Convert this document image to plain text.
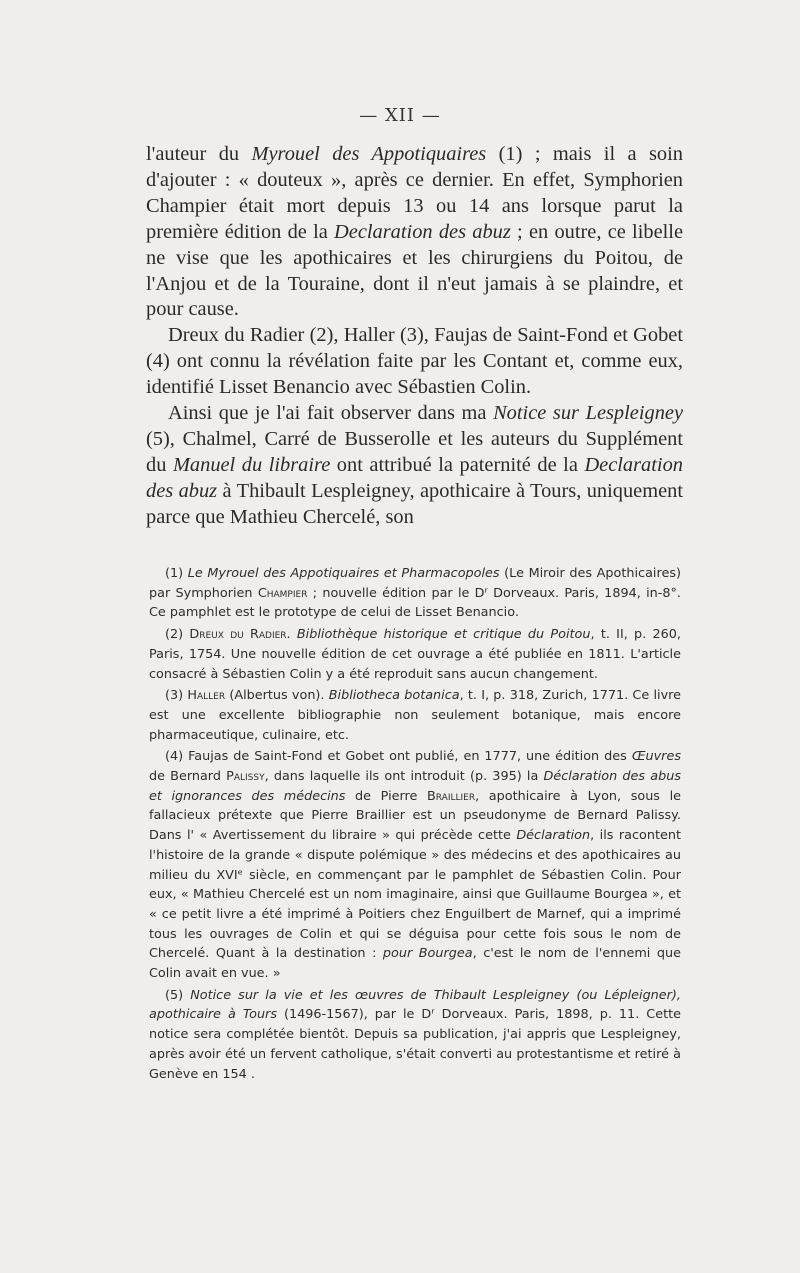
— XII —

l'auteur du Myrouel des Appotiquaires (1) ; mais il a soin d'ajouter : « douteux », après ce dernier. En effet, Symphorien Champier était mort depuis 13 ou 14 ans lorsque parut la première édition de la Declaration des abuz ; en outre, ce libelle ne vise que les apothicaires et les chirurgiens du Poitou, de l'Anjou et de la Touraine, dont il n'eut jamais à se plaindre, et pour cause.

Dreux du Radier (2), Haller (3), Faujas de Saint-Fond et Gobet (4) ont connu la révélation faite par les Contant et, comme eux, identifié Lisset Benancio avec Sébastien Colin.

Ainsi que je l'ai fait observer dans ma Notice sur Lespleigney (5), Chalmel, Carré de Busserolle et les auteurs du Supplément du Manuel du libraire ont attribué la paternité de la Declaration des abuz à Thibault Lespleigney, apothicaire à Tours, uniquement parce que Mathieu Chercelé, son

(1) Le Myrouel des Appotiquaires et Pharmacopoles (Le Miroir des Apothicaires) par Symphorien Champier ; nouvelle édition par le Dʳ Dorveaux. Paris, 1894, in-8°. Ce pamphlet est le prototype de celui de Lisset Benancio.

(2) Dreux du Radier. Bibliothèque historique et critique du Poitou, t. II, p. 260, Paris, 1754. Une nouvelle édition de cet ouvrage a été publiée en 1811. L'article consacré à Sébastien Colin y a été reproduit sans aucun changement.

(3) Haller (Albertus von). Bibliotheca botanica, t. I, p. 318, Zurich, 1771. Ce livre est une excellente bibliographie non seulement botanique, mais encore pharmaceutique, culinaire, etc.

(4) Faujas de Saint-Fond et Gobet ont publié, en 1777, une édition des Œuvres de Bernard Palissy, dans laquelle ils ont introduit (p. 395) la Déclaration des abus et ignorances des médecins de Pierre Braillier, apothicaire à Lyon, sous le fallacieux prétexte que Pierre Braillier est un pseudonyme de Bernard Palissy. Dans l' « Avertissement du libraire » qui précède cette Déclaration, ils racontent l'histoire de la grande « dispute polémique » des médecins et des apothicaires au milieu du XVIᵉ siècle, en commençant par le pamphlet de Sébastien Colin. Pour eux, « Mathieu Chercelé est un nom imaginaire, ainsi que Guillaume Bourgea », et « ce petit livre a été imprimé à Poitiers chez Enguilbert de Marnef, qui a imprimé tous les ouvrages de Colin et qui se déguisa pour cette fois sous le nom de Chercelé. Quant à la destination : pour Bourgea, c'est le nom de l'ennemi que Colin avait en vue. »

(5) Notice sur la vie et les œuvres de Thibault Lespleigney (ou Lépleigner), apothicaire à Tours (1496-1567), par le Dʳ Dorveaux. Paris, 1898, p. 11. Cette notice sera complétée bientôt. Depuis sa publication, j'ai appris que Lespleigney, après avoir été un fervent catholique, s'était converti au protestantisme et retiré à Genève en 154 .
